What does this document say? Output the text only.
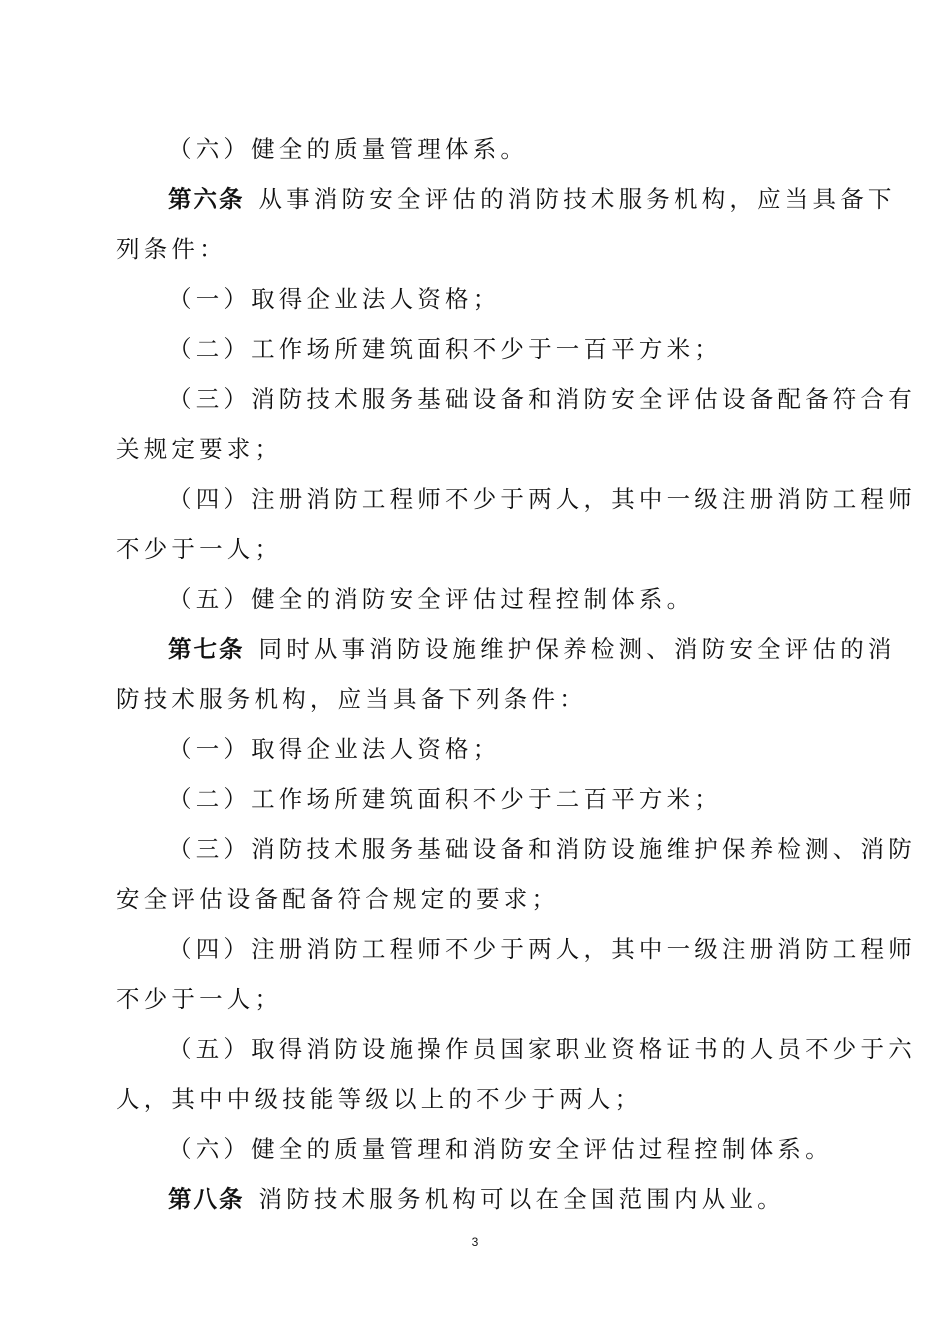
（六）健全的质量管理体系。
第六条 从事消防安全评估的消防技术服务机构，应当具备下
列条件：
（一）取得企业法人资格；
（二）工作场所建筑面积不少于一百平方米；
（三）消防技术服务基础设备和消防安全评估设备配备符合有
关规定要求；
（四）注册消防工程师不少于两人，其中一级注册消防工程师
不少于一人；
（五）健全的消防安全评估过程控制体系。
第七条 同时从事消防设施维护保养检测、消防安全评估的消
防技术服务机构，应当具备下列条件：
（一）取得企业法人资格；
（二）工作场所建筑面积不少于二百平方米；
（三）消防技术服务基础设备和消防设施维护保养检测、消防
安全评估设备配备符合规定的要求；
（四）注册消防工程师不少于两人，其中一级注册消防工程师
不少于一人；
（五）取得消防设施操作员国家职业资格证书的人员不少于六
人，其中中级技能等级以上的不少于两人；
（六）健全的质量管理和消防安全评估过程控制体系。
第八条 消防技术服务机构可以在全国范围内从业。
3
